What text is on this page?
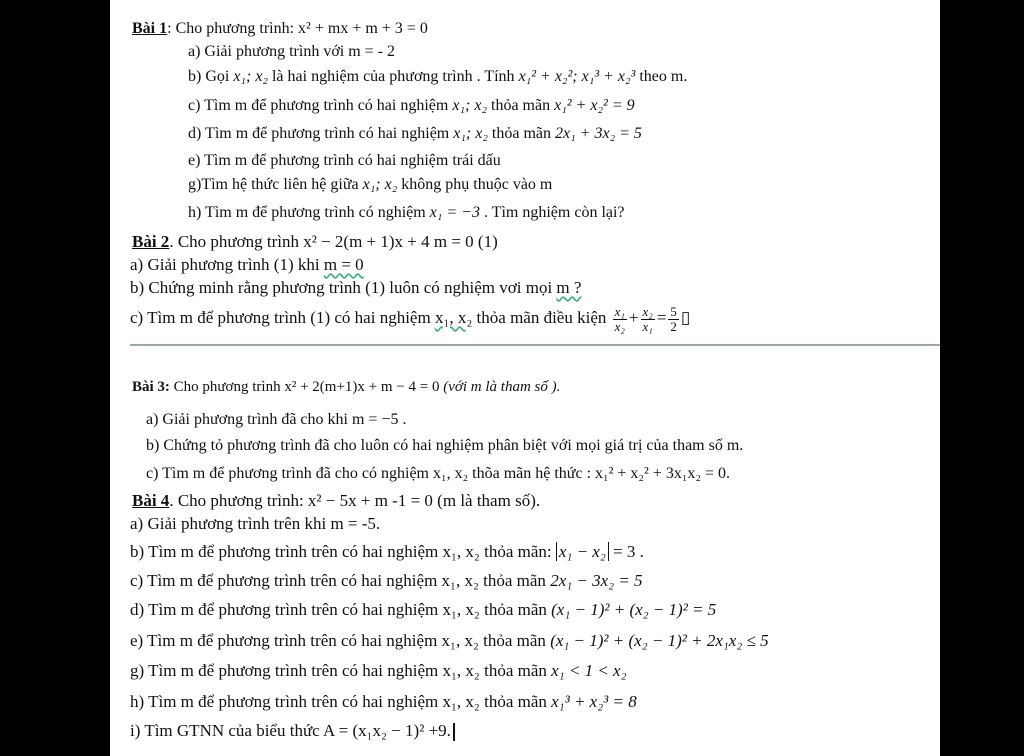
Bài 1: Cho phương trình: x² + mx + m + 3 = 0
a) Giải phương trình với m = - 2
b) Gọi x₁; x₂ là hai nghiệm của phương trình . Tính x₁² + x₂²; x₁³ + x₂³ theo m.
c) Tìm m để phương trình có hai nghiệm x₁; x₂ thỏa mãn x₁² + x₂² = 9
d) Tìm m để phương trình có hai nghiệm x₁; x₂ thỏa mãn 2x₁ + 3x₂ = 5
e) Tìm m để phương trình có hai nghiệm trái dấu
g)Tìm hệ thức liên hệ giữa x₁; x₂ không phụ thuộc vào m
h) Tìm m để phương trình có nghiệm x₁ = −3 . Tìm nghiệm còn lại?
Bài 2. Cho phương trình x² − 2(m + 1)x + 4 m = 0 (1)
a) Giải phương trình (1) khi m = 0
b) Chứng minh rằng phương trình (1) luôn có nghiệm vơi mọi m ?
c) Tìm m để phương trình (1) có hai nghiệm x₁, x₂ thỏa mãn điều kiện $\frac{\text{x₁}}{\text{x₂}} + \frac{\text{x₂}}{\text{x₁}} = \frac{5}{2}$ ▯
Bài 3: Cho phương trình x² + 2(m+1)x + m − 4 = 0 (với m là tham số ).
a) Giải phương trình đã cho khi m = −5 .
b) Chứng tỏ phương trình đã cho luôn có hai nghiệm phân biệt với mọi giá trị của tham số m.
c) Tìm m để phương trình đã cho có nghiệm x₁, x₂ thõa mãn hệ thức : x₁² + x₂² + 3x₁x₂ = 0.
Bài 4. Cho phương trình: x² − 5x + m -1 = 0 (m là tham số).
a) Giải phương trình trên khi m = -5.
b) Tìm m để phương trình trên có hai nghiệm x₁, x₂ thỏa mãn: x₁ − x₂ = 3 .
c) Tìm m để phương trình trên có hai nghiệm x₁, x₂ thỏa mãn 2x₁ − 3x₂ = 5
d) Tìm m để phương trình trên có hai nghiệm x₁, x₂ thỏa mãn (x₁ − 1)² + (x₂ − 1)² = 5
e) Tìm m để phương trình trên có hai nghiệm x₁, x₂ thỏa mãn (x₁ − 1)² + (x₂ − 1)² + 2x₁x₂ ≤ 5
g) Tìm m để phương trình trên có hai nghiệm x₁, x₂ thỏa mãn x₁ < 1 < x₂
h) Tìm m để phương trình trên có hai nghiệm x₁, x₂ thỏa mãn x₁³ + x₂³ = 8
i) Tìm GTNN của biểu thức A = (x₁x₂ − 1)² +9.
